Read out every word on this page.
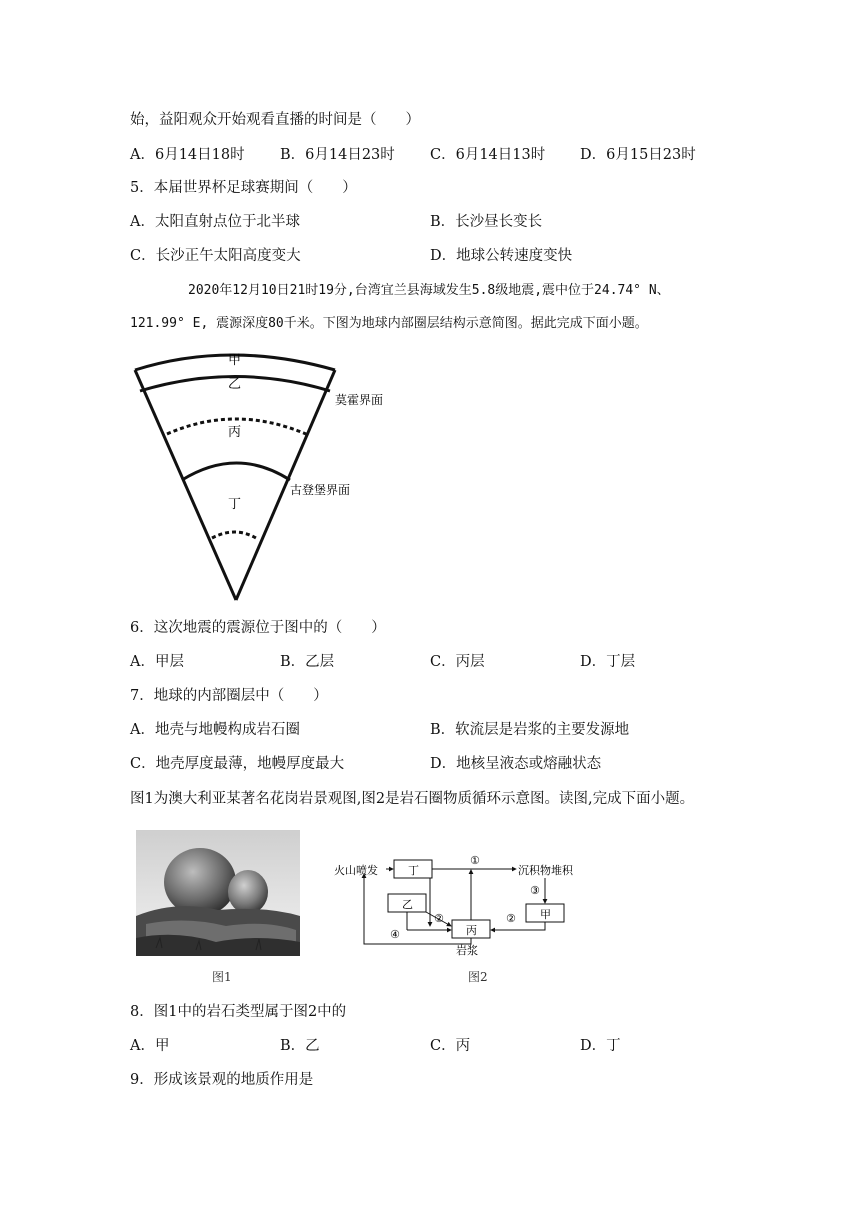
始，益阳观众开始观看直播的时间是（　　）
A．6月14日18时 B．6月14日23时 C．6月14日13时 D．6月15日23时
5．本届世界杯足球赛期间（　　）
A．太阳直射点位于北半球	B．长沙昼长变长
C．长沙正午太阳高度变大	D．地球公转速度变快
2020年12月10日21时19分,台湾宜兰县海域发生5.8级地震,震中位于24.74° N、
121.99° E, 震源深度80千米。下图为地球内部圈层结构示意简图。据此完成下面小题。
甲
乙
丙
丁
莫霍界面
古登堡界面
6．这次地震的震源位于图中的（　　）
A．甲层	B．乙层	C．丙层	D．丁层
7．地球的内部圈层中（　　）
A．地壳与地幔构成岩石圈	B．软流层是岩浆的主要发源地
C．地壳厚度最薄，地幔厚度最大	D．地核呈液态或熔融状态
图1为澳大利亚某著名花岗岩景观图,图2是岩石圈物质循环示意图。读图,完成下面小题。
图1
火山喷发	沉积物堆积
岩浆
丁
乙
丙
甲
①
③
②
②
④
图2
8．图1中的岩石类型属于图2中的
A．甲	B．乙	C．丙	D．丁
9．形成该景观的地质作用是
